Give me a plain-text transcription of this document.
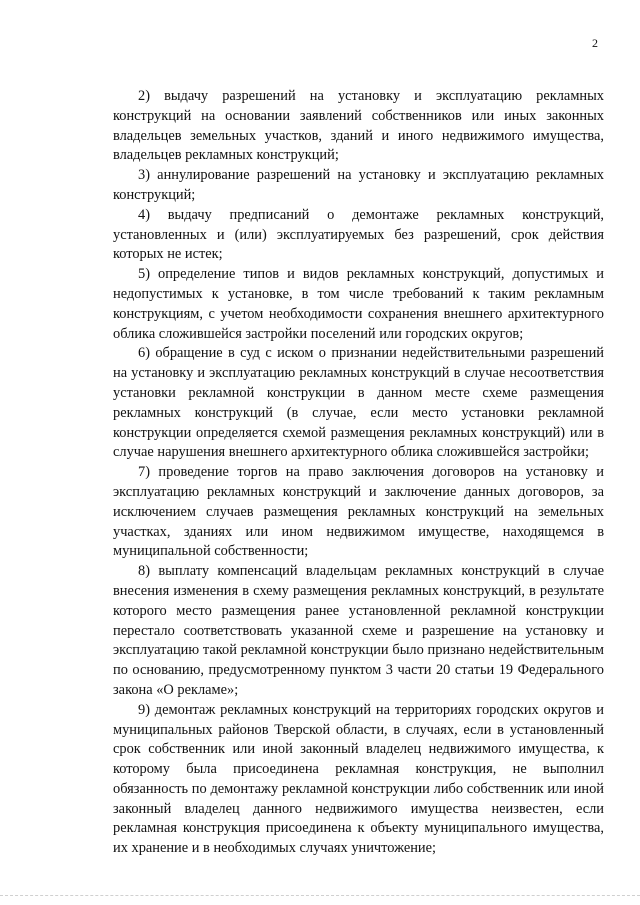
2

2) выдачу разрешений на установку и эксплуатацию рекламных конструкций на основании заявлений собственников или иных законных владельцев земельных участков, зданий и иного недвижимого имущества, владельцев рекламных конструкций;

3) аннулирование разрешений на установку и эксплуатацию рекламных конструкций;

4) выдачу предписаний о демонтаже рекламных конструкций, установленных и (или) эксплуатируемых без разрешений, срок действия которых не истек;

5) определение типов и видов рекламных конструкций, допустимых и недопустимых к установке, в том числе требований к таким рекламным конструкциям, с учетом необходимости сохранения внешнего архитектурного облика сложившейся застройки поселений или городских округов;

6) обращение в суд с иском о признании недействительными разрешений на установку и эксплуатацию рекламных конструкций в случае несоответствия установки рекламной конструкции в данном месте схеме размещения рекламных конструкций (в случае, если место установки рекламной конструкции определяется схемой размещения рекламных конструкций) или в случае нарушения внешнего архитектурного облика сложившейся застройки;

7) проведение торгов на право заключения договоров на установку и эксплуатацию рекламных конструкций и заключение данных договоров, за исключением случаев размещения рекламных конструкций на земельных участках, зданиях или ином недвижимом имуществе, находящемся в муниципальной собственности;

8) выплату компенсаций владельцам рекламных конструкций в случае внесения изменения в схему размещения рекламных конструкций, в результате которого место размещения ранее установленной рекламной конструкции перестало соответствовать указанной схеме и разрешение на установку и эксплуатацию такой рекламной конструкции было признано недействительным по основанию, предусмотренному пунктом 3 части 20 статьи 19 Федерального закона «О рекламе»;

9) демонтаж рекламных конструкций на территориях городских округов и муниципальных районов Тверской области, в случаях, если в установленный срок собственник или иной законный владелец недвижимого имущества, к которому была присоединена рекламная конструкция, не выполнил обязанность по демонтажу рекламной конструкции либо собственник или иной законный владелец данного недвижимого имущества неизвестен, если рекламная конструкция присоединена к объекту муниципального имущества, их хранение и в необходимых случаях уничтожение;
